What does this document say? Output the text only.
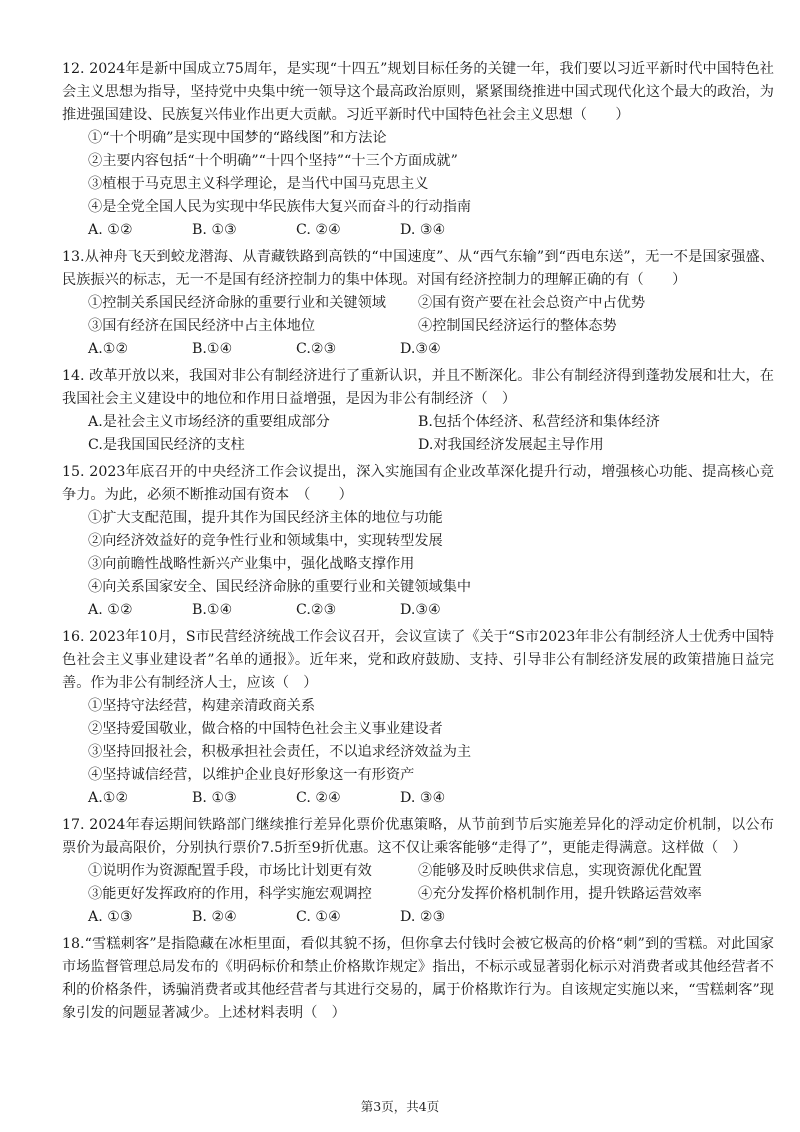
12. 2024年是新中国成立75周年，是实现“十四五”规划目标任务的关键一年，我们要以习近平新时代中国特色社会主义思想为指导，坚持党中央集中统一领导这个最高政治原则，紧紧围绕推进中国式现代化这个最大的政治，为推进强国建设、民族复兴伟业作出更大贡献。习近平新时代中国特色社会主义思想（　　）

①“十个明确”是实现中国梦的“路线图”和方法论

②主要内容包括“十个明确”“十四个坚持”“十三个方面成就”

③植根于马克思主义科学理论，是当代中国马克思主义

④是全党全国人民为实现中华民族伟大复兴而奋斗的行动指南

A. ①②	B. ①③	C. ②④	D. ③④

13.从神舟飞天到蛟龙潜海、从青藏铁路到高铁的“中国速度”、从“西气东输”到“西电东送”，无一不是国家强盛、民族振兴的标志，无一不是国有经济控制力的集中体现。对国有经济控制力的理解正确的有（　　）

①控制关系国民经济命脉的重要行业和关键领域	②国有资产要在社会总资产中占优势
③国有经济在国民经济中占主体地位	④控制国民经济运行的整体态势
A.①②	B.①④	C.②③	D.③④

14. 改革开放以来，我国对非公有制经济进行了重新认识，并且不断深化。非公有制经济得到蓬勃发展和壮大，在我国社会主义建设中的地位和作用日益增强，是因为非公有制经济（　）

A.是社会主义市场经济的重要组成部分	B.包括个体经济、私营经济和集体经济
C.是我国国民经济的支柱	D.对我国经济发展起主导作用

15. 2023年底召开的中央经济工作会议提出，深入实施国有企业改革深化提升行动，增强核心功能、提高核心竞争力。为此，必须不断推动国有资本　（　　）

①扩大支配范围，提升其作为国民经济主体的地位与功能

②向经济效益好的竞争性行业和领域集中，实现转型发展

③向前瞻性战略性新兴产业集中，强化战略支撑作用

④向关系国家安全、国民经济命脉的重要行业和关键领域集中

A. ①②	B.①④	C.②③	D.③④

16. 2023年10月，S市民营经济统战工作会议召开，会议宣读了《关于“S市2023年非公有制经济人士优秀中国特色社会主义事业建设者”名单的通报》。近年来，党和政府鼓励、支持、引导非公有制经济发展的政策措施日益完善。作为非公有制经济人士，应该（　）

①坚持守法经营，构建亲清政商关系

②坚持爱国敬业，做合格的中国特色社会主义事业建设者

③坚持回报社会，积极承担社会责任，不以追求经济效益为主

④坚持诚信经营，以维护企业良好形象这一有形资产

A.①②	B. ①③	C. ②④	D. ③④

17. 2024年春运期间铁路部门继续推行差异化票价优惠策略，从节前到节后实施差异化的浮动定价机制，以公布票价为最高限价，分别执行票价7.5折至9折优惠。这不仅让乘客能够“走得了”，更能走得满意。这样做（　）

①说明作为资源配置手段，市场比计划更有效	②能够及时反映供求信息，实现资源优化配置
③能更好发挥政府的作用，科学实施宏观调控	④充分发挥价格机制作用，提升铁路运营效率
A. ①③	B. ②④	C. ①④	D. ②③

18.“雪糕刺客”是指隐藏在冰柜里面，看似其貌不扬，但你拿去付钱时会被它极高的价格“刺”到的雪糕。对此国家市场监督管理总局发布的《明码标价和禁止价格欺诈规定》指出，不标示或显著弱化标示对消费者或其他经营者不利的价格条件，诱骗消费者或其他经营者与其进行交易的，属于价格欺诈行为。自该规定实施以来，“雪糕刺客”现象引发的问题显著减少。上述材料表明（　）

第3页，共4页
